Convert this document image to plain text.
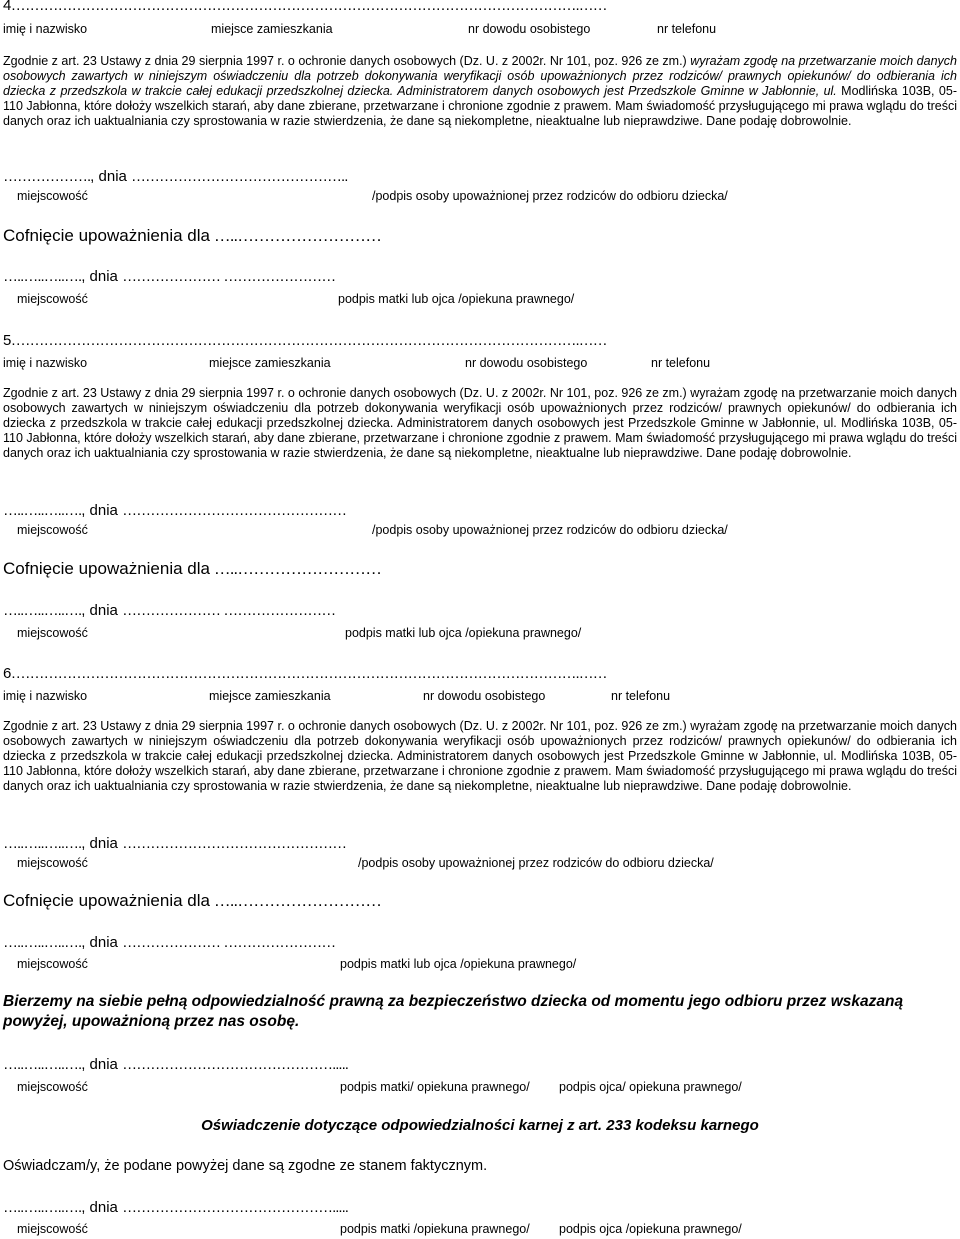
4.………………………………………………………………………………………………………….……
imię i nazwisko	miejsce zamieszkania	nr dowodu osobistego	nr telefonu
Zgodnie z art. 23 Ustawy z dnia 29 sierpnia 1997 r. o ochronie danych osobowych (Dz. U. z 2002r. Nr 101, poz. 926 ze zm.) wyrażam zgodę na przetwarzanie moich danych osobowych zawartych w niniejszym oświadczeniu dla potrzeb dokonywania weryfikacji osób upoważnionych przez rodziców/ prawnych opiekunów/ do odbierania ich dziecka z przedszkola w trakcie całej edukacji przedszkolnej dziecka. Administratorem danych osobowych jest Przedszkole Gminne w Jabłonnie, ul. Modlińska 103B, 05-110 Jabłonna, które dołoży wszelkich starań, aby dane zbierane, przetwarzane i chronione zgodnie z prawem. Mam świadomość przysługującego mi prawa wglądu do treści danych oraz ich uaktualniania czy sprostowania w razie stwierdzenia, że dane są niekompletne, nieaktualne lub nieprawdziwe. Dane podaję dobrowolnie.
………………., dnia ………………………………………..
miejscowość	/podpis osoby upoważnionej przez rodziców do odbioru dziecka/
Cofnięcie upoważnienia dla …..………………………
…..…..…..…., dnia ………………… ……………………
miejscowość	podpis matki lub ojca /opiekuna prawnego/
5.………………………………………………………………………………………………………….……
imię i nazwisko	miejsce zamieszkania	nr dowodu osobistego	nr telefonu
Zgodnie z art. 23 Ustawy z dnia 29 sierpnia 1997 r. o ochronie danych osobowych (Dz. U. z 2002r. Nr 101, poz. 926 ze zm.) wyrażam zgodę na przetwarzanie moich danych osobowych zawartych w niniejszym oświadczeniu dla potrzeb dokonywania weryfikacji osób upoważnionych przez rodziców/ prawnych opiekunów/ do odbierania ich dziecka z przedszkola w trakcie całej edukacji przedszkolnej dziecka. Administratorem danych osobowych jest Przedszkole Gminne w Jabłonnie, ul. Modlińska 103B, 05-110 Jabłonna, które dołoży wszelkich starań, aby dane zbierane, przetwarzane i chronione zgodnie z prawem. Mam świadomość przysługującego mi prawa wglądu do treści danych oraz ich uaktualniania czy sprostowania w razie stwierdzenia, że dane są niekompletne, nieaktualne lub nieprawdziwe. Dane podaję dobrowolnie.
…..…..…..…., dnia …………………………………………
miejscowość	/podpis osoby upoważnionej przez rodziców do odbioru dziecka/
Cofnięcie upoważnienia dla …..………………………
…..…..…..…., dnia ………………… ……………………
miejscowość	podpis matki lub ojca /opiekuna prawnego/
6.………………………………………………………………………………………………………….……
imię i nazwisko	miejsce zamieszkania	nr dowodu osobistego	nr telefonu
Zgodnie z art. 23 Ustawy z dnia 29 sierpnia 1997 r. o ochronie danych osobowych (Dz. U. z 2002r. Nr 101, poz. 926 ze zm.) wyrażam zgodę na przetwarzanie moich danych osobowych zawartych w niniejszym oświadczeniu dla potrzeb dokonywania weryfikacji osób upoważnionych przez rodziców/ prawnych opiekunów/ do odbierania ich dziecka z przedszkola w trakcie całej edukacji przedszkolnej dziecka. Administratorem danych osobowych jest Przedszkole Gminne w Jabłonnie, ul. Modlińska 103B, 05-110 Jabłonna, które dołoży wszelkich starań, aby dane zbierane, przetwarzane i chronione zgodnie z prawem. Mam świadomość przysługującego mi prawa wglądu do treści danych oraz ich uaktualniania czy sprostowania w razie stwierdzenia, że dane są niekompletne, nieaktualne lub nieprawdziwe. Dane podaję dobrowolnie.
…..…..…..…., dnia …………………………………………
miejscowość	/podpis osoby upoważnionej przez rodziców do odbioru dziecka/
Cofnięcie upoważnienia dla …..………………………
…..…..…..…., dnia ………………… ……………………
miejscowość	podpis matki lub ojca /opiekuna prawnego/
Bierzemy na siebie pełną odpowiedzialność prawną za bezpieczeństwo dziecka od momentu jego odbioru przez wskazaną powyżej, upoważnioną przez nas osobę.
…..…..…..…., dnia ……………………………………….....
miejscowość	podpis matki/ opiekuna prawnego/ podpis ojca/ opiekuna prawnego/
Oświadczenie dotyczące odpowiedzialności karnej z art. 233 kodeksu karnego
Oświadczam/y, że podane powyżej dane są zgodne ze stanem faktycznym.
…..…..…..…., dnia ……………………………………….....
miejscowość	podpis matki /opiekuna prawnego/ podpis ojca /opiekuna prawnego/
